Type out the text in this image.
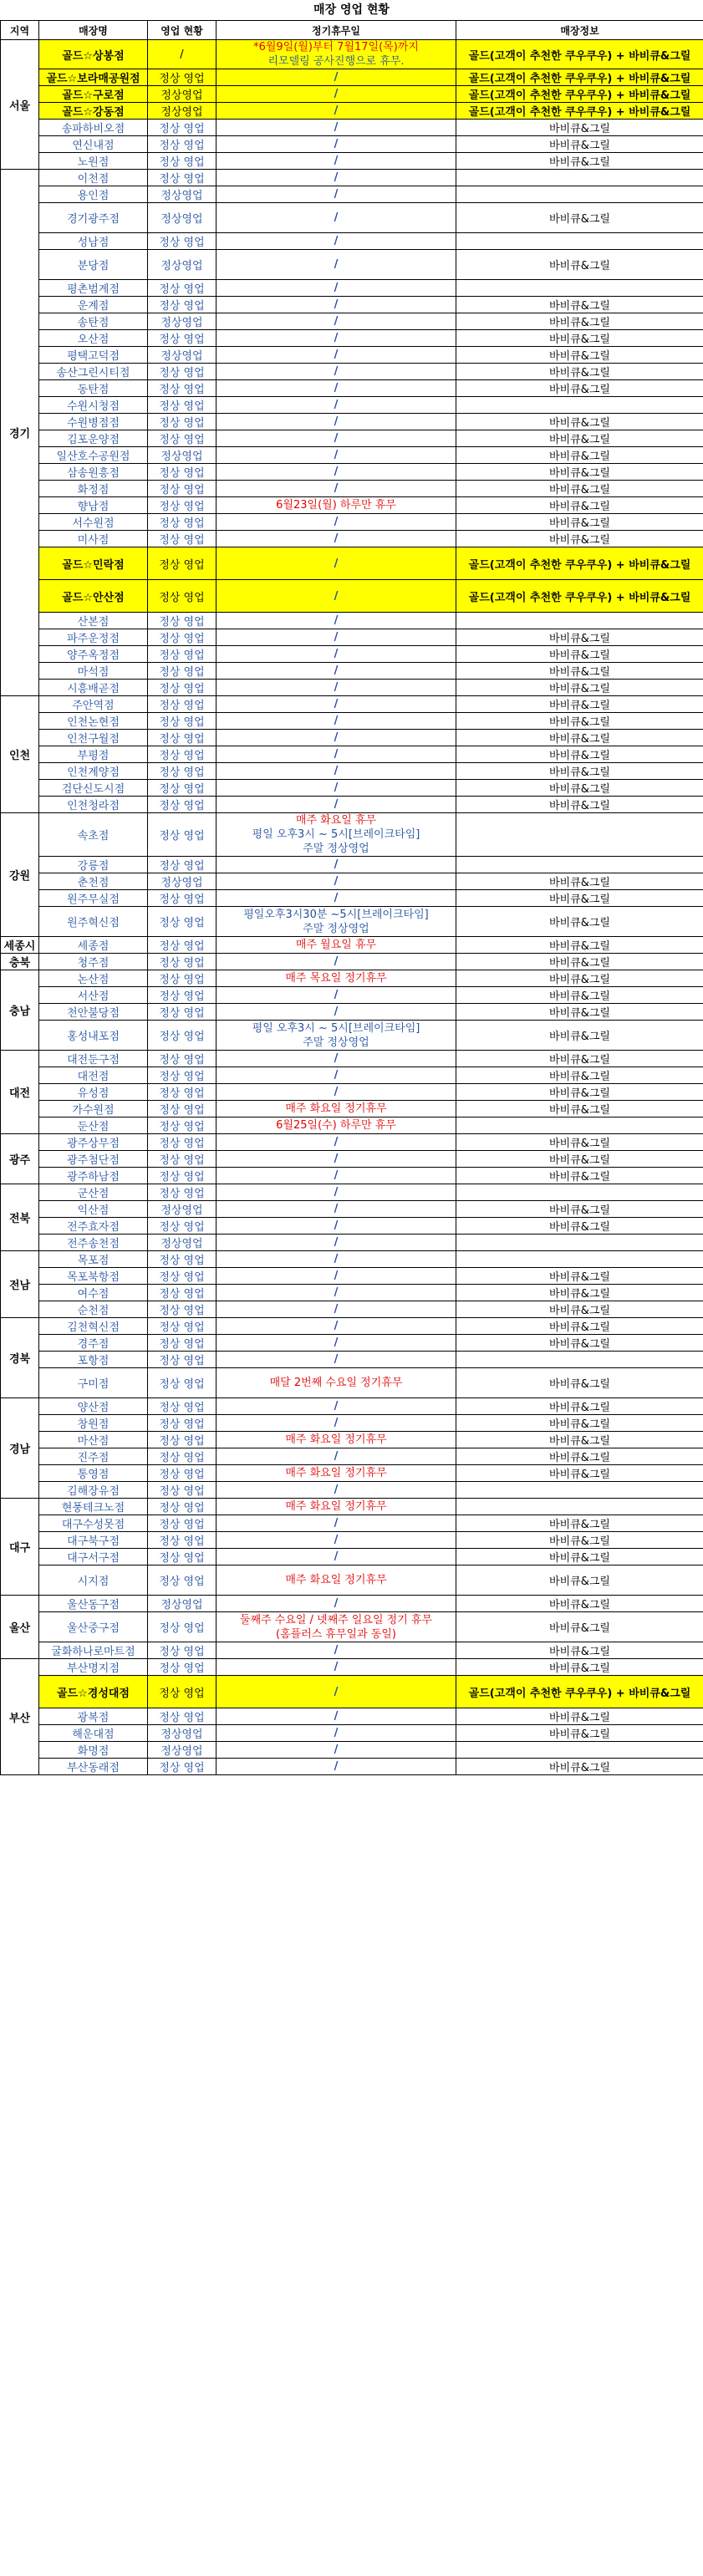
매장 영업 현황
지역	매장명	영업 현황	정기휴무일	매장정보
서울	골드☆상봉점	/	*6월9일(월)부터 7월17일(목)까지
리모델링 공사진행으로 휴무.	골드(고객이 추천한 쿠우쿠우) + 바비큐&그릴
	골드☆보라매공원점	정상 영업	/	골드(고객이 추천한 쿠우쿠우) + 바비큐&그릴
	골드☆구로점	정상영업	/	골드(고객이 추천한 쿠우쿠우) + 바비큐&그릴
	골드☆강동점	정상영업	/	골드(고객이 추천한 쿠우쿠우) + 바비큐&그릴
	송파하비오점	정상 영업	/	바비큐&그릴
	연신내점	정상 영업	/	바비큐&그릴
	노원점	정상 영업	/	바비큐&그릴
경기	이천점	정상 영업	/	
	용인점	정상영업	/	
	경기광주점	정상영업	/	바비큐&그릴
	성남점	정상 영업	/	
	분당점	정상영업	/	바비큐&그릴
	평촌범계점	정상 영업	/	
	운계점	정상 영업	/	바비큐&그릴
	송탄점	정상영업	/	바비큐&그릴
	오산점	정상 영업	/	바비큐&그릴
	평택고덕점	정상영업	/	바비큐&그릴
	송산그린시티점	정상 영업	/	바비큐&그릴
	동탄점	정상 영업	/	바비큐&그릴
	수원시청점	정상 영업	/	
	수원병점점	정상 영업	/	바비큐&그릴
	김포운양점	정상 영업	/	바비큐&그릴
	일산호수공원점	정상영업	/	바비큐&그릴
	삼송원흥점	정상 영업	/	바비큐&그릴
	화정점	정상 영업	/	바비큐&그릴
	향남점	정상 영업	6월23일(월) 하루만 휴무	바비큐&그릴
	서수원점	정상 영업	/	바비큐&그릴
	미사점	정상 영업	/	바비큐&그릴
	골드☆민락점	정상 영업	/	골드(고객이 추천한 쿠우쿠우) + 바비큐&그릴
	골드☆안산점	정상 영업	/	골드(고객이 추천한 쿠우쿠우) + 바비큐&그릴
	산본점	정상 영업	/	
	파주운정점	정상 영업	/	바비큐&그릴
	양주옥정점	정상 영업	/	바비큐&그릴
	마석점	정상 영업	/	바비큐&그릴
	시흥배곧점	정상 영업	/	바비큐&그릴
인천	주안역점	정상 영업	/	바비큐&그릴
	인천논현점	정상 영업	/	바비큐&그릴
	인천구월점	정상 영업	/	바비큐&그릴
	부평점	정상 영업	/	바비큐&그릴
	인천계양점	정상 영업	/	바비큐&그릴
	검단신도시점	정상 영업	/	바비큐&그릴
	인천청라점	정상 영업	/	바비큐&그릴
강원	속초점	정상 영업	매주 화요일 휴무
평일 오후3시 ~ 5시[브레이크타임]
주말 정상영업	

	강릉점	정상 영업	/	
	춘천점	정상영업	/	바비큐&그릴
	원주무실점	정상 영업	/	바비큐&그릴
	원주혁신점	정상 영업	평일오후3시30분 ~5시[브레이크타임]
주말 정상영업	바비큐&그릴
세종시	세종점	정상 영업	매주 월요일 휴무	바비큐&그릴
충북	청주점	정상 영업	/	바비큐&그릴
충남	논산점	정상 영업	매주 목요일 정기휴무	바비큐&그릴
	서산점	정상 영업	/	바비큐&그릴
	천안불당점	정상 영업	/	바비큐&그릴
	홍성내포점	정상 영업	평일 오후3시 ~ 5시[브레이크타임]
주말 정상영업	바비큐&그릴
대전	대전둔구점	정상 영업	/	바비큐&그릴
	대전점	정상 영업	/	바비큐&그릴
	유성점	정상 영업	/	바비큐&그릴
	가수원점	정상 영업	매주 화요일 정기휴무	바비큐&그릴
	둔산점	정상 영업	6월25일(수) 하루만 휴무	

광주	광주상무점	정상 영업	/	바비큐&그릴
	광주첨단점	정상 영업	/	바비큐&그릴
	광주하남점	정상 영업	/	바비큐&그릴
전북	군산점	정상 영업	/	
	익산점	정상영업	/	바비큐&그릴
	전주효자점	정상 영업	/	바비큐&그릴
	전주송천점	정상영업	/	
전남	목포점	정상 영업	/	
	목포북항점	정상 영업	/	바비큐&그릴
	여수점	정상 영업	/	바비큐&그릴
	순천점	정상 영업	/	바비큐&그릴
경북	김천혁신점	정상 영업	/	바비큐&그릴
	경주점	정상 영업	/	바비큐&그릴
	포항점	정상 영업	/	
	구미점	정상 영업	매달 2번째 수요일 정기휴무	바비큐&그릴
경남	양산점	정상 영업	/	바비큐&그릴
	창원점	정상 영업	/	바비큐&그릴
	마산점	정상 영업	매주 화요일 정기휴무	바비큐&그릴
	진주점	정상 영업	/	바비큐&그릴
	통영점	정상 영업	매주 화요일 정기휴무	바비큐&그릴
	김해장유점	정상 영업	/	
대구	현풍테크노점	정상 영업	매주 화요일 정기휴무	

	대구수성못점	정상 영업	/	바비큐&그릴
	대구북구점	정상 영업	/	바비큐&그릴
	대구서구점	정상 영업	/	바비큐&그릴
	시지점	정상 영업	매주 화요일 정기휴무	바비큐&그릴
울산	울산동구점	정상영업	/	바비큐&그릴
	울산중구점	정상 영업	둘째주 수요일 / 넷째주 일요일 정기 휴무
(홈플러스 휴무일과 동일)	바비큐&그릴
	굴화하나로마트점	정상 영업	/	바비큐&그릴
부산	부산명지점	정상 영업	/	바비큐&그릴
	골드☆경성대점	정상 영업	/	골드(고객이 추천한 쿠우쿠우) + 바비큐&그릴
	광복점	정상 영업	/	바비큐&그릴
	해운대점	정상영업	/	바비큐&그릴
	화명점	정상영업	/	
	부산동래점	정상 영업	/	바비큐&그릴
